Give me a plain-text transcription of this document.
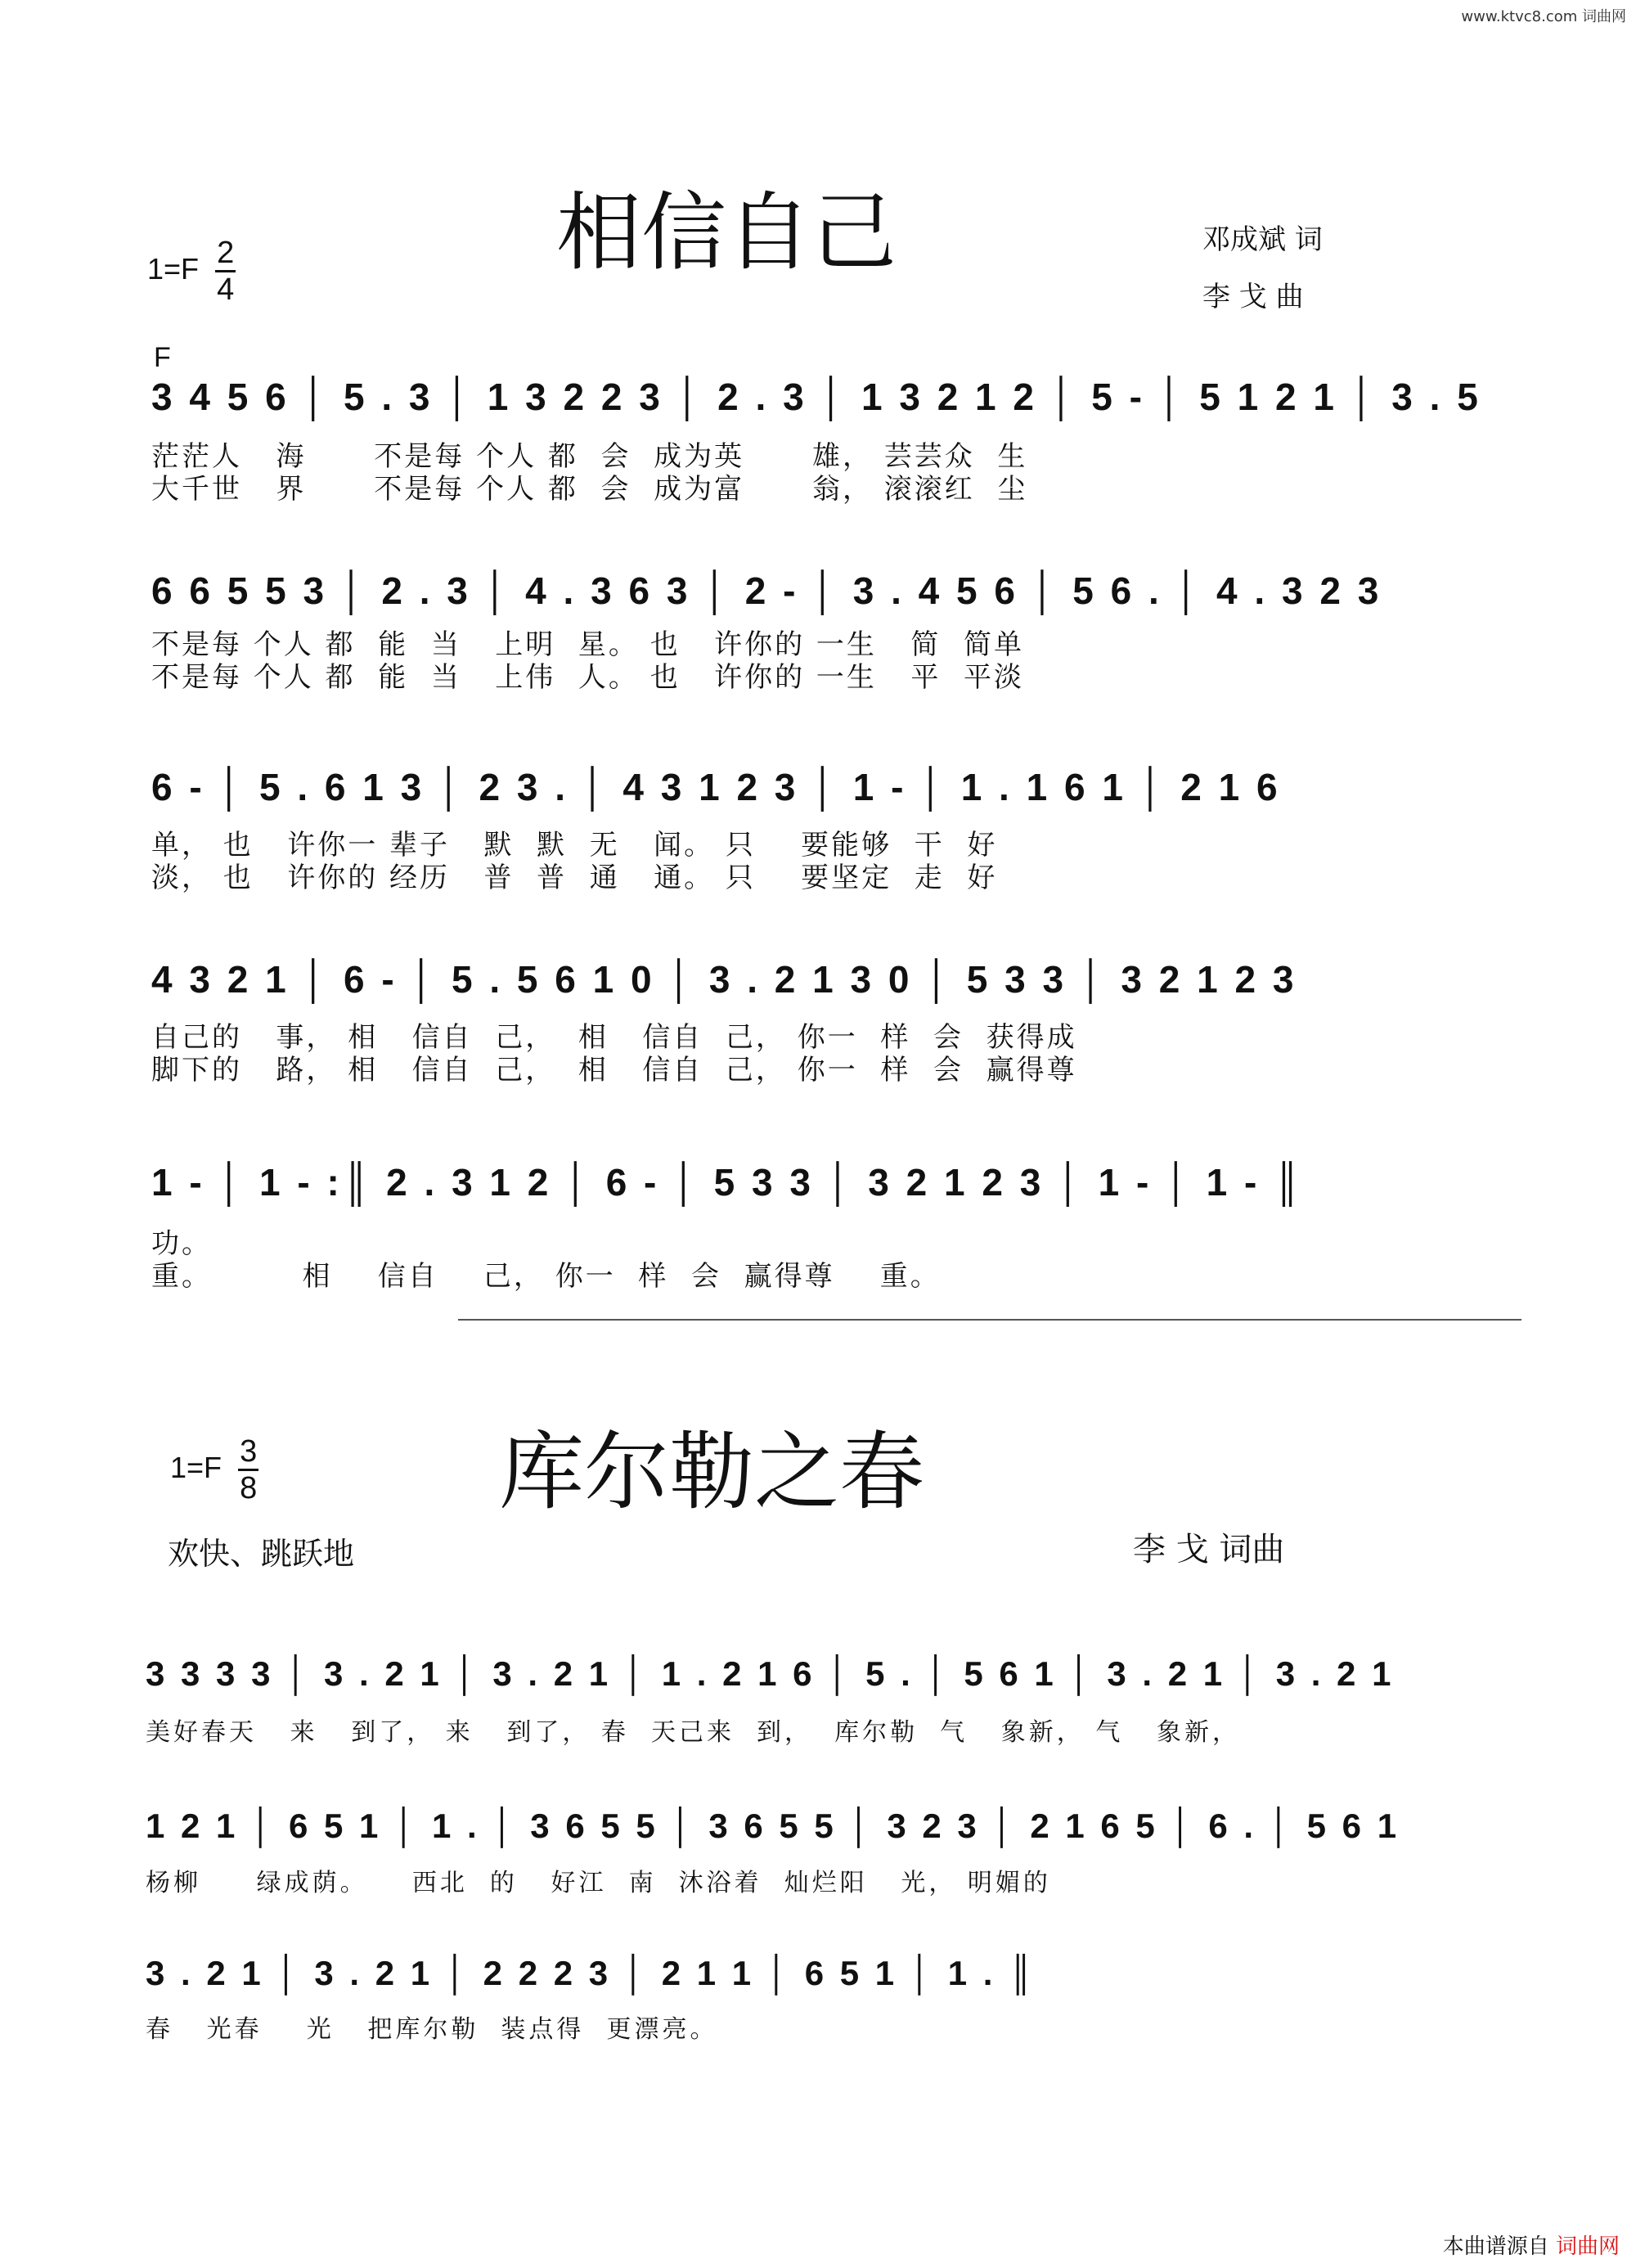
www.ktvc8.com 词曲网
相信自己
$1=F \frac{2}{4}$	邓成斌 词
李 戈 曲
F
3 4 5 6 │ 5 . 3 │ 1 3 2 2 3 │ 2 . 3 │ 1 3 2 1 2 │ 5 - │ 5 1 2 1 │ 3 . 5
茫茫人   海      不是每 个人 都  会  成为英      雄， 芸芸众  生
大千世   界      不是每 个人 都  会  成为富      翁， 滚滚红  尘
6 6 5 5 3 │ 2 . 3 │ 4 . 3 6 3 │ 2 - │ 3 . 4 5 6 │ 5 6 . │ 4 . 3 2 3
不是每 个人 都  能  当   上明  星。 也   许你的 一生   简  简单
不是每 个人 都  能  当   上伟  人。 也   许你的 一生   平  平淡
6 - │ 5 . 6 1 3 │ 2 3 . │ 4 3 1 2 3 │ 1 - │ 1 . 1 6 1 │ 2 1 6
单， 也   许你一 辈子   默  默  无   闻。 只    要能够  干  好
淡， 也   许你的 经历   普  普  通   通。 只    要坚定  走  好
4 3 2 1 │ 6 - │ 5 . 5 6 1 0 │ 3 . 2 1 3 0 │ 5 3 3 │ 3 2 1 2 3
自己的   事， 相   信自  己，  相   信自  己， 你一  样  会  获得成
脚下的   路， 相   信自  己，  相   信自  己， 你一  样  会  赢得尊
1 - │ 1 - :║ 2 . 3 1 2 │ 6 - │ 5 3 3 │ 3 2 1 2 3 │ 1 - │ 1 - ║
功。
重。        相    信自    己， 你一  样  会  赢得尊    重。
库尔勒之春
$1=F \frac{3}{8}$
欢快、跳跃地	李 戈 词曲
3 3 3 3 │ 3 . 2 1 │ 3 . 2 1 │ 1 . 2 1 6 │ 5 . │ 5 6 1 │ 3 . 2 1 │ 3 . 2 1
美好春天   来   到了， 来   到了， 春  天己来  到，  库尔勒  气   象新， 气   象新，
1 2 1 │ 6 5 1 │ 1 . │ 3 6 5 5 │ 3 6 5 5 │ 3 2 3 │ 2 1 6 5 │ 6 . │ 5 6 1
杨柳     绿成荫。    西北  的   好江  南  沐浴着  灿烂阳   光， 明媚的
3 . 2 1 │ 3 . 2 1 │ 2 2 2 3 │ 2 1 1 │ 6 5 1 │ 1 . ║
春   光春    光   把库尔勒  装点得  更漂亮。
本曲谱源自 词曲网
